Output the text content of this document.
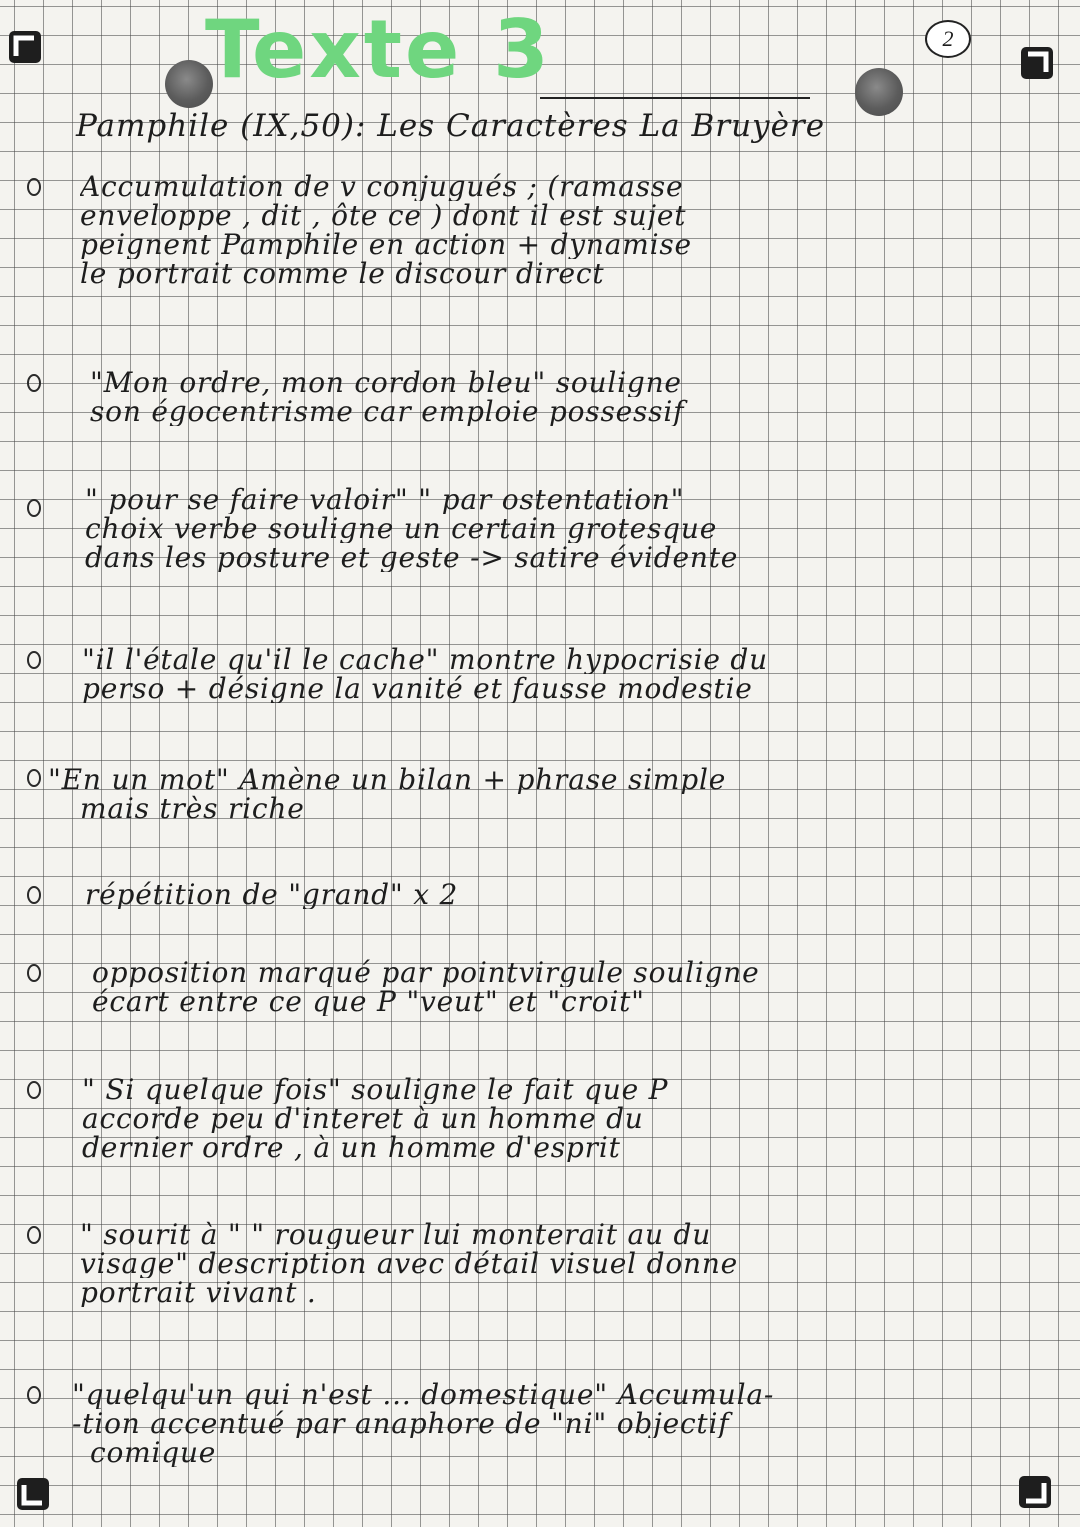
2
Texte 3
Pamphile (IX,50): Les Caractères La Bruyère
Accumulation de v conjugués ; (ramasse
enveloppe , dit , ôte ce ) dont il est sujet
peignent Pamphile en action + dynamise
le portrait comme le discour direct
"Mon ordre, mon cordon bleu" souligne
son égocentrisme car emploie possessif
" pour se faire valoir" " par ostentation"
choix verbe souligne un certain grotesque
dans les posture et geste -> satire évidente
"il l'étale qu'il le cache" montre hypocrisie du
perso + désigne la vanité et fausse modestie
"En un mot" Amène un bilan + phrase simple
mais très riche
répétition de "grand" x 2
opposition marqué par pointvirgule souligne
écart entre ce que P "veut" et "croit"
" Si quelque fois" souligne le fait que P
accorde peu d'interet à un homme du
dernier ordre , à un homme d'esprit
" sourit à " " rougueur lui monterait au du
visage" description avec détail visuel donne
portrait vivant .
"quelqu'un qui n'est ... domestique" Accumula-
-tion accentué par anaphore de "ni" objectif
comique
